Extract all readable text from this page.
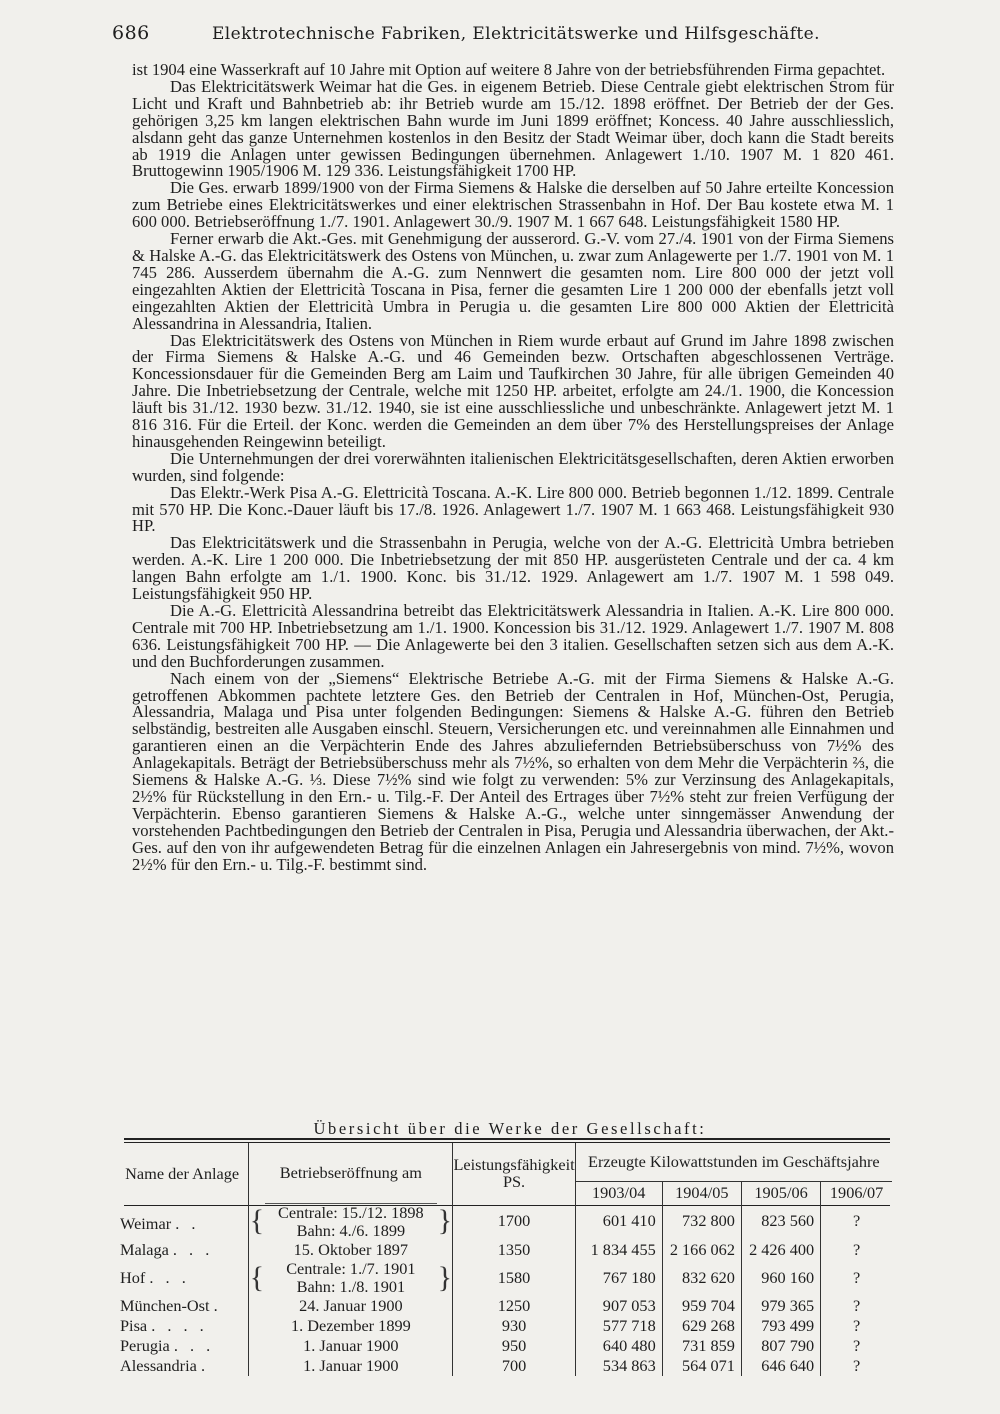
686	Elektrotechnische Fabriken, Elektricitätswerke und Hilfsgeschäfte.

ist 1904 eine Wasserkraft auf 10 Jahre mit Option auf weitere 8 Jahre von der betriebsführenden Firma gepachtet.

Das Elektricitätswerk Weimar hat die Ges. in eigenem Betrieb. Diese Centrale giebt elektrischen Strom für Licht und Kraft und Bahnbetrieb ab: ihr Betrieb wurde am 15./12. 1898 eröffnet. Der Betrieb der der Ges. gehörigen 3,25 km langen elektrischen Bahn wurde im Juni 1899 eröffnet; Koncess. 40 Jahre ausschliesslich, alsdann geht das ganze Unternehmen kostenlos in den Besitz der Stadt Weimar über, doch kann die Stadt bereits ab 1919 die Anlagen unter gewissen Bedingungen übernehmen. Anlagewert 1./10. 1907 M. 1 820 461. Bruttogewinn 1905/1906 M. 129 336. Leistungsfähigkeit 1700 HP.

Die Ges. erwarb 1899/1900 von der Firma Siemens & Halske die derselben auf 50 Jahre erteilte Koncession zum Betriebe eines Elektricitätswerkes und einer elektrischen Strassenbahn in Hof. Der Bau kostete etwa M. 1 600 000. Betriebseröffnung 1./7. 1901. Anlagewert 30./9. 1907 M. 1 667 648. Leistungsfähigkeit 1580 HP.

Ferner erwarb die Akt.-Ges. mit Genehmigung der ausserord. G.-V. vom 27./4. 1901 von der Firma Siemens & Halske A.-G. das Elektricitätswerk des Ostens von München, u. zwar zum Anlagewerte per 1./7. 1901 von M. 1 745 286. Ausserdem übernahm die A.-G. zum Nennwert die gesamten nom. Lire 800 000 der jetzt voll eingezahlten Aktien der Elettricità Toscana in Pisa, ferner die gesamten Lire 1 200 000 der ebenfalls jetzt voll eingezahlten Aktien der Elettricità Umbra in Perugia u. die gesamten Lire 800 000 Aktien der Elettricità Alessandrina in Alessandria, Italien.

Das Elektricitätswerk des Ostens von München in Riem wurde erbaut auf Grund im Jahre 1898 zwischen der Firma Siemens & Halske A.-G. und 46 Gemeinden bezw. Ortschaften abgeschlossenen Verträge. Koncessionsdauer für die Gemeinden Berg am Laim und Taufkirchen 30 Jahre, für alle übrigen Gemeinden 40 Jahre. Die Inbetriebsetzung der Centrale, welche mit 1250 HP. arbeitet, erfolgte am 24./1. 1900, die Koncession läuft bis 31./12. 1930 bezw. 31./12. 1940, sie ist eine ausschliessliche und unbeschränkte. Anlagewert jetzt M. 1 816 316. Für die Erteil. der Konc. werden die Gemeinden an dem über 7% des Herstellungspreises der Anlage hinausgehenden Reingewinn beteiligt.

Die Unternehmungen der drei vorerwähnten italienischen Elektricitätsgesellschaften, deren Aktien erworben wurden, sind folgende:

Das Elektr.-Werk Pisa A.-G. Elettricità Toscana. A.-K. Lire 800 000. Betrieb begonnen 1./12. 1899. Centrale mit 570 HP. Die Konc.-Dauer läuft bis 17./8. 1926. Anlagewert 1./7. 1907 M. 1 663 468. Leistungsfähigkeit 930 HP.

Das Elektricitätswerk und die Strassenbahn in Perugia, welche von der A.-G. Elettricità Umbra betrieben werden. A.-K. Lire 1 200 000. Die Inbetriebsetzung der mit 850 HP. ausgerüsteten Centrale und der ca. 4 km langen Bahn erfolgte am 1./1. 1900. Konc. bis 31./12. 1929. Anlagewert am 1./7. 1907 M. 1 598 049. Leistungsfähigkeit 950 HP.

Die A.-G. Elettricità Alessandrina betreibt das Elektricitätswerk Alessandria in Italien. A.-K. Lire 800 000. Centrale mit 700 HP. Inbetriebsetzung am 1./1. 1900. Koncession bis 31./12. 1929. Anlagewert 1./7. 1907 M. 808 636. Leistungsfähigkeit 700 HP. — Die Anlagewerte bei den 3 italien. Gesellschaften setzen sich aus dem A.-K. und den Buchforderungen zusammen.

Nach einem von der „Siemens“ Elektrische Betriebe A.-G. mit der Firma Siemens & Halske A.-G. getroffenen Abkommen pachtete letztere Ges. den Betrieb der Centralen in Hof, München-Ost, Perugia, Alessandria, Malaga und Pisa unter folgenden Bedingungen: Siemens & Halske A.-G. führen den Betrieb selbständig, bestreiten alle Ausgaben einschl. Steuern, Versicherungen etc. und vereinnahmen alle Einnahmen und garantieren einen an die Verpächterin Ende des Jahres abzuliefernden Betriebsüberschuss von 7½% des Anlagekapitals. Beträgt der Betriebsüberschuss mehr als 7½%, so erhalten von dem Mehr die Verpächterin ⅔, die Siemens & Halske A.-G. ⅓. Diese 7½% sind wie folgt zu verwenden: 5% zur Verzinsung des Anlagekapitals, 2½% für Rückstellung in den Ern.- u. Tilg.-F. Der Anteil des Ertrages über 7½% steht zur freien Verfügung der Verpächterin. Ebenso garantieren Siemens & Halske A.-G., welche unter sinngemässer Anwendung der vorstehenden Pachtbedingungen den Betrieb der Centralen in Pisa, Perugia und Alessandria überwachen, der Akt.-Ges. auf den von ihr aufgewendeten Betrag für die einzelnen Anlagen ein Jahresergebnis von mind. 7½%, wovon 2½% für den Ern.- u. Tilg.-F. bestimmt sind.

Übersicht über die Werke der Gesellschaft:
Name der Anlage	Betriebseröffnung am			Leistungsfähigkeit PS.	Erzeugte Kilowattstunden im Geschäftsjahre			
					1903/04	1904/05	1905/06	1906/07
Weimar . .	{	Centrale: 15./12. 1898	}	1700	601 410	732 800	823 560	?
		Bahn: 4./6. 1899						
Malaga . . .		15. Oktober 1897		1350	1 834 455	2 166 062	2 426 400	?
Hof . . .	{	Centrale: 1./7. 1901	}	1580	767 180	832 620	960 160	?
		Bahn: 1./8. 1901						
München-Ost .		24. Januar 1900		1250	907 053	959 704	979 365	?
Pisa . . . .		1. Dezember 1899		930	577 718	629 268	793 499	?
Perugia . . .		1. Januar 1900		950	640 480	731 859	807 790	?
Alessandria .		1. Januar 1900		700	534 863	564 071	646 640	?
